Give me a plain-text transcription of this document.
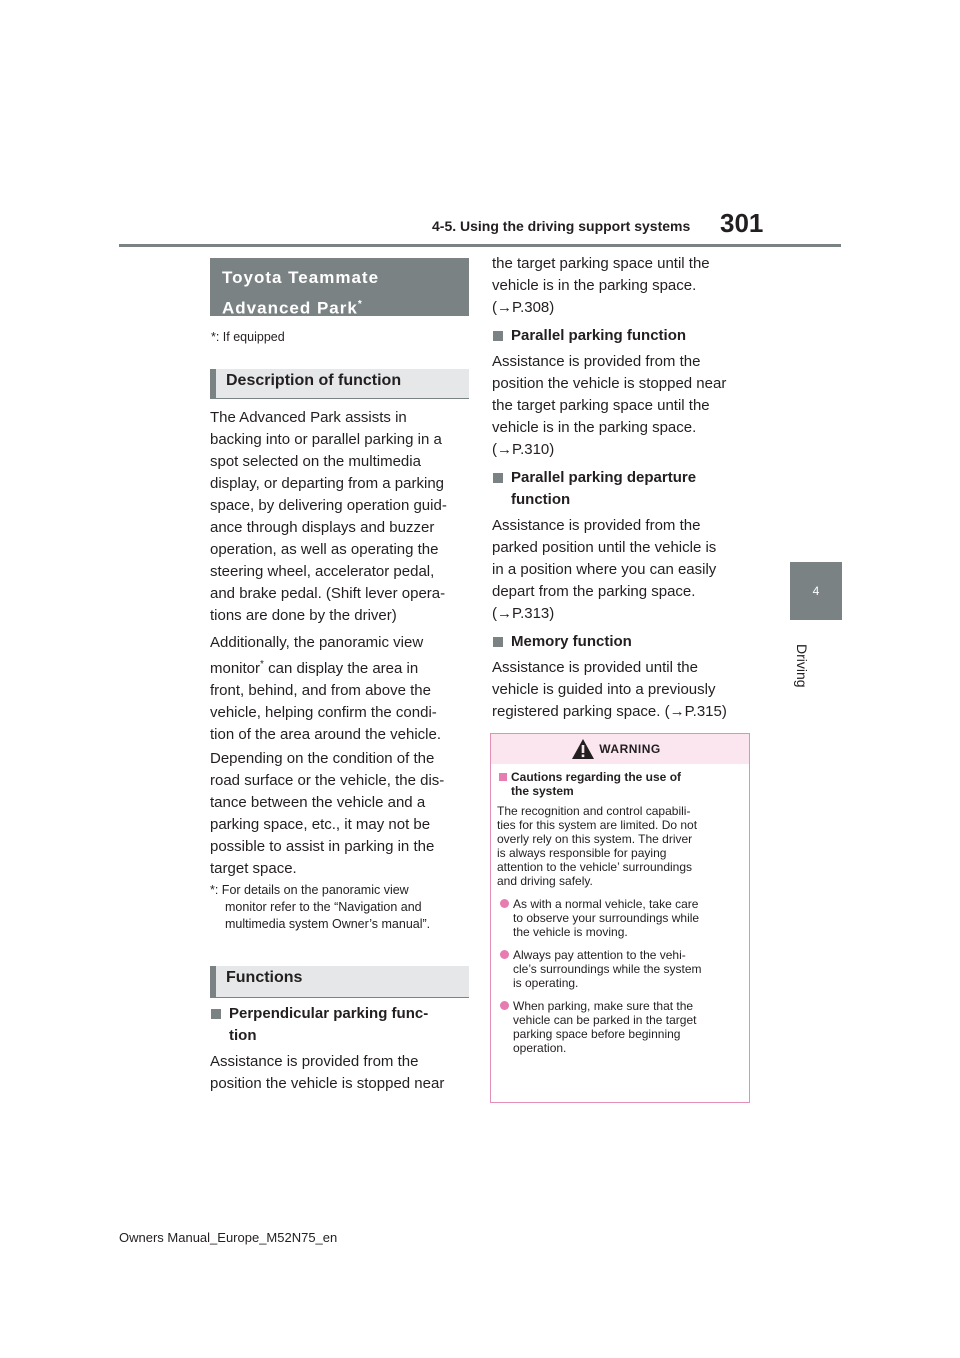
4-5. Using the driving support systems 301
4
Driving
Toyota Teammate
Advanced Park*
*: If equipped
Description of function
The Advanced Park assists in
backing into or parallel parking in a
spot selected on the multimedia
display, or departing from a parking
space, by delivering operation guid-
ance through displays and buzzer
operation, as well as operating the
steering wheel, accelerator pedal,
and brake pedal. (Shift lever opera-
tions are done by the driver)
Additionally, the panoramic view
monitor* can display the area in
front, behind, and from above the
vehicle, helping confirm the condi-
tion of the area around the vehicle.
Depending on the condition of the
road surface or the vehicle, the dis-
tance between the vehicle and a
parking space, etc., it may not be
possible to assist in parking in the
target space.
*: For details on the panoramic view
monitor refer to the “Navigation and
multimedia system Owner’s manual”.
Functions
Perpendicular parking func-
tion
Assistance is provided from the
position the vehicle is stopped near
the target parking space until the
vehicle is in the parking space.
(→P.308)
Parallel parking function
Assistance is provided from the
position the vehicle is stopped near
the target parking space until the
vehicle is in the parking space.
(→P.310)
Parallel parking departure
function
Assistance is provided from the
parked position until the vehicle is
in a position where you can easily
depart from the parking space.
(→P.313)
Memory function
Assistance is provided until the
vehicle is guided into a previously
registered parking space. (→P.315)
WARNING
Cautions regarding the use of
the system
The recognition and control capabili-
ties for this system are limited. Do not
overly rely on this system. The driver
is always responsible for paying
attention to the vehicle’ surroundings
and driving safely.
As with a normal vehicle, take care
to observe your surroundings while
the vehicle is moving.
Always pay attention to the vehi-
cle’s surroundings while the system
is operating.
When parking, make sure that the
vehicle can be parked in the target
parking space before beginning
operation.
Owners Manual_Europe_M52N75_en
